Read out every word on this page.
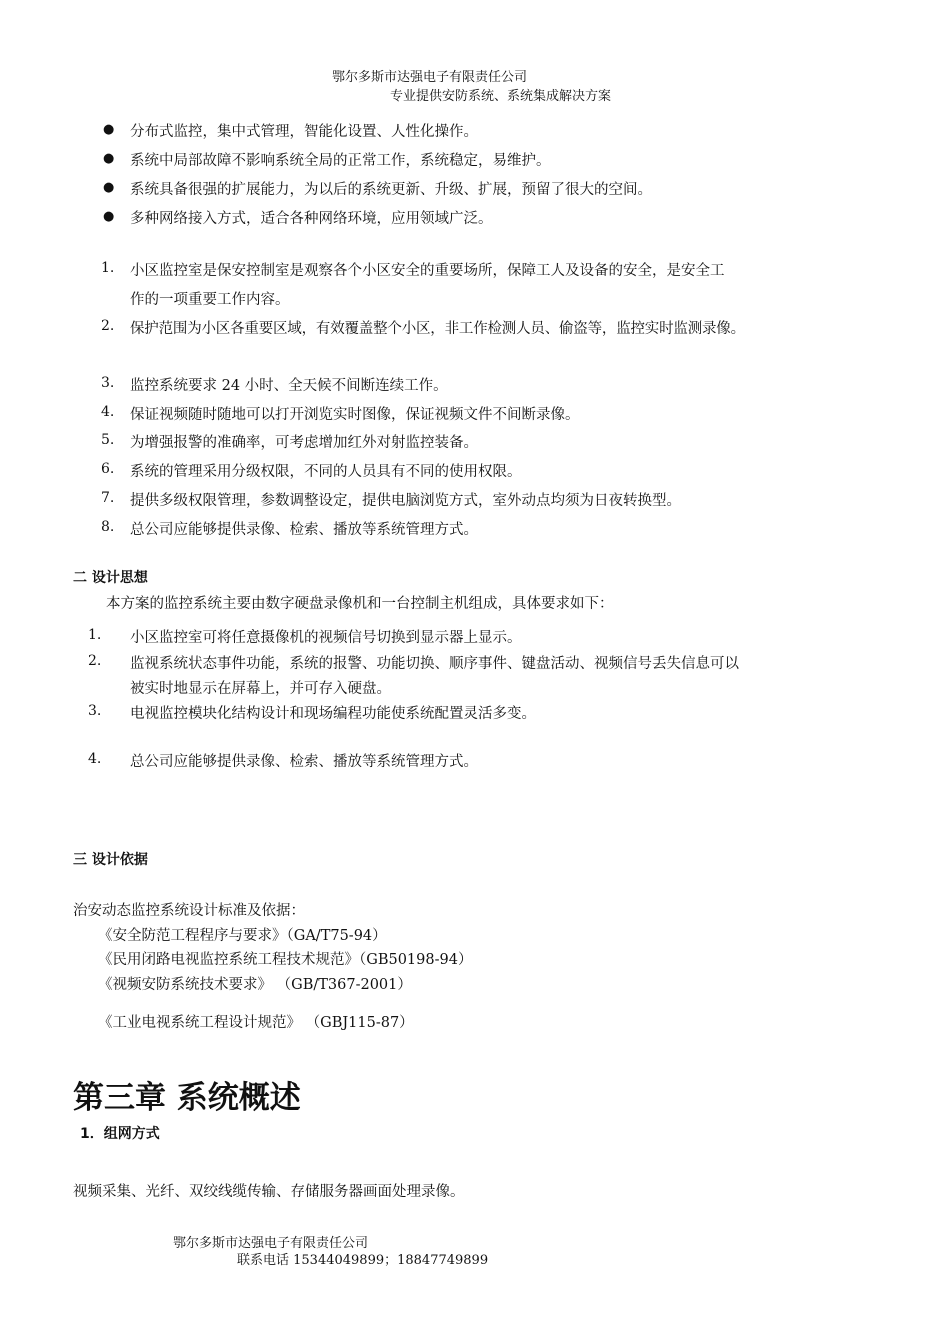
鄂尔多斯市达强电子有限责任公司
专业提供安防系统、系统集成解决方案
● 分布式监控，集中式管理，智能化设置、人性化操作。
● 系统中局部故障不影响系统全局的正常工作，系统稳定，易维护。
● 系统具备很强的扩展能力，为以后的系统更新、升级、扩展，预留了很大的空间。
● 多种网络接入方式，适合各种网络环境，应用领域广泛。
1. 小区监控室是保安控制室是观察各个小区安全的重要场所，保障工人及设备的安全，是安全工
作的一项重要工作内容。
2. 保护范围为小区各重要区域，有效覆盖整个小区，非工作检测人员、偷盗等，监控实时监测录像。
3. 监控系统要求 24 小时、全天候不间断连续工作。
4. 保证视频随时随地可以打开浏览实时图像，保证视频文件不间断录像。
5. 为增强报警的准确率，可考虑增加红外对射监控装备。
6. 系统的管理采用分级权限，不同的人员具有不同的使用权限。
7. 提供多级权限管理，参数调整设定，提供电脑浏览方式，室外动点均须为日夜转换型。
8. 总公司应能够提供录像、检索、播放等系统管理方式。
二 设计思想
本方案的监控系统主要由数字硬盘录像机和一台控制主机组成，具体要求如下：
1. 小区监控室可将任意摄像机的视频信号切换到显示器上显示。
2. 监视系统状态事件功能，系统的报警、功能切换、顺序事件、键盘活动、视频信号丢失信息可以
被实时地显示在屏幕上，并可存入硬盘。
3. 电视监控模块化结构设计和现场编程功能使系统配置灵活多变。
4. 总公司应能够提供录像、检索、播放等系统管理方式。
三 设计依据
治安动态监控系统设计标准及依据：
《安全防范工程程序与要求》（GA/T75-94）
《民用闭路电视监控系统工程技术规范》（GB50198-94）
《视频安防系统技术要求》 （GB/T367-2001）
《工业电视系统工程设计规范》 （GBJ115-87）
第三章 系统概述
1．组网方式
视频采集、光纤、双绞线缆传输、存储服务器画面处理录像。
鄂尔多斯市达强电子有限责任公司
联系电话 15344049899；18847749899
